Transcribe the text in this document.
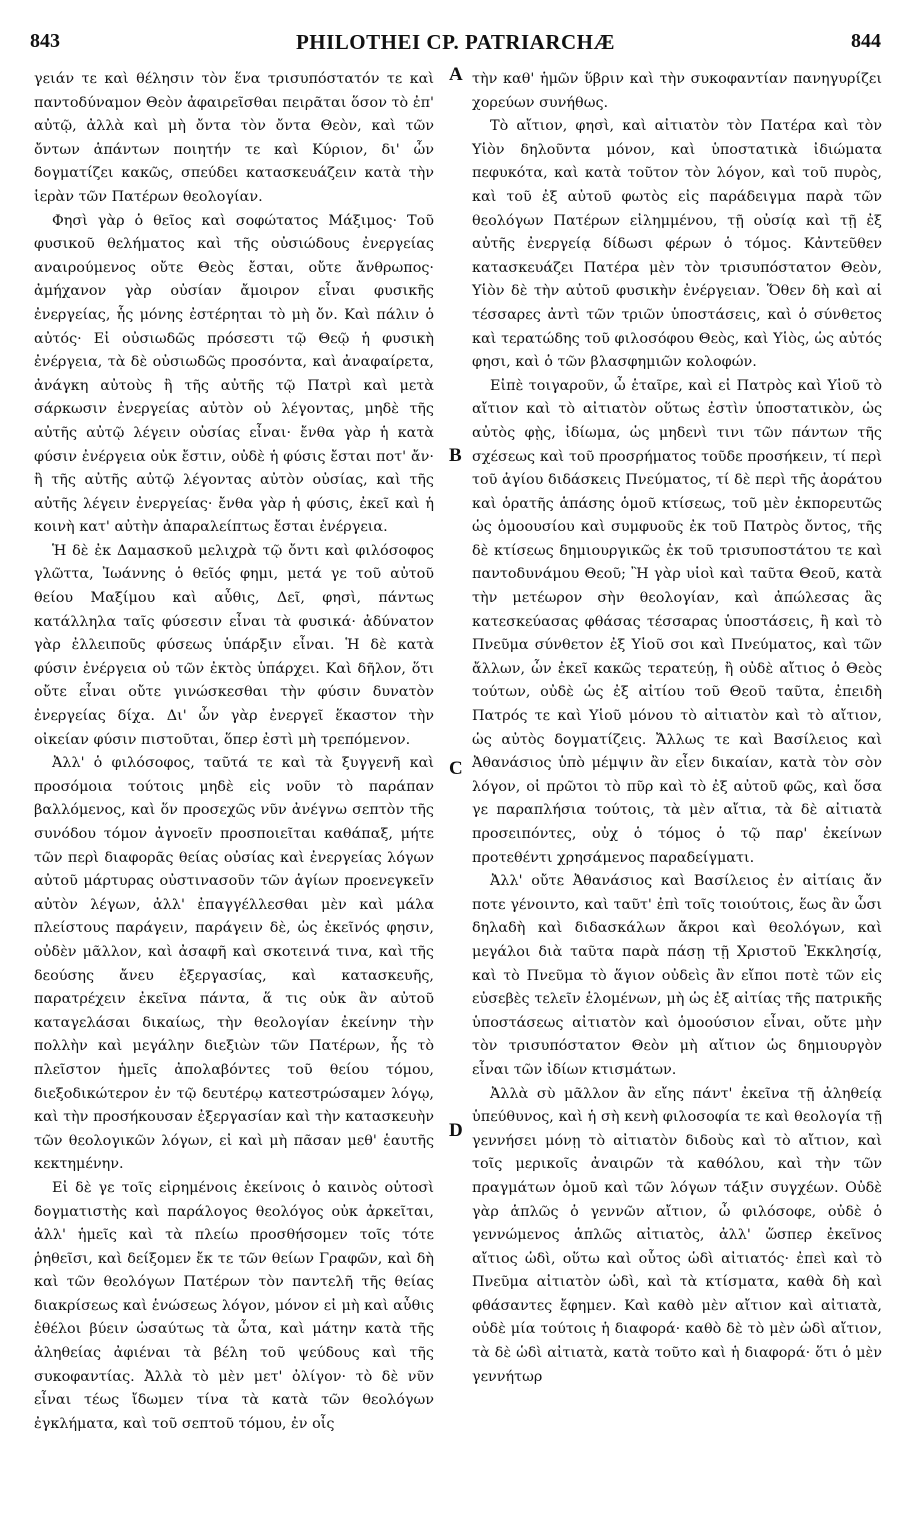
843	PHILOTHEI CP. PATRIARCHÆ	844
A
B
C
D

γειάν τε καὶ θέλησιν τὸν ἕνα τρισυπόστατόν τε καὶ παντοδύναμον Θεὸν ἀφαιρεῖσθαι πειρᾶται ὅσον τὸ ἐπ' αὐτῷ, ἀλλὰ καὶ μὴ ὄντα τὸν ὄντα Θεὸν, καὶ τῶν ὄντων ἁπάντων ποιητήν τε καὶ Κύριον, δι' ὧν δογματίζει κακῶς, σπεύδει κατασκευάζειν κατὰ τὴν ἱερὰν τῶν Πατέρων θεολογίαν.

Φησὶ γὰρ ὁ θεῖος καὶ σοφώτατος Μάξιμος· Τοῦ φυσικοῦ θελήματος καὶ τῆς οὐσιώδους ἐνεργείας αναιρούμενος οὔτε Θεὸς ἔσται, οὔτε ἄνθρωπος· ἀμήχανον γὰρ οὐσίαν ἄμοιρον εἶναι φυσικῆς ἐνεργείας, ἧς μόνης ἐστέρηται τὸ μὴ ὄν. Καὶ πάλιν ὁ αὐτός· Εἰ οὐσιωδῶς πρόσεστι τῷ Θεῷ ἡ φυσικὴ ἐνέργεια, τὰ δὲ οὐσιωδῶς προσόντα, καὶ ἀναφαίρετα, ἀνάγκη αὐτοὺς ἢ τῆς αὐτῆς τῷ Πατρὶ καὶ μετὰ σάρκωσιν ἐνεργείας αὐτὸν οὐ λέγοντας, μηδὲ τῆς αὐτῆς αὐτῷ λέγειν οὐσίας εἶναι· ἔνθα γὰρ ἡ κατὰ φύσιν ἐνέργεια οὐκ ἔστιν, οὐδὲ ἡ φύσις ἔσται ποτ' ἄν· ἢ τῆς αὐτῆς αὐτῷ λέγοντας αὐτὸν οὐσίας, καὶ τῆς αὐτῆς λέγειν ἐνεργείας· ἔνθα γὰρ ἡ φύσις, ἐκεῖ καὶ ἡ κοινὴ κατ' αὐτὴν ἀπαραλείπτως ἔσται ἐνέργεια.

Ἡ δὲ ἐκ Δαμασκοῦ μελιχρὰ τῷ ὄντι καὶ φιλόσοφος γλῶττα, Ἰωάννης ὁ θεῖός φημι, μετά γε τοῦ αὐτοῦ θείου Μαξίμου καὶ αὖθις, Δεῖ, φησὶ, πάντως κατάλληλα ταῖς φύσεσιν εἶναι τὰ φυσικά· ἀδύνατον γὰρ ἐλλειποῦς φύσεως ὑπάρξιν εἶναι. Ἡ δὲ κατὰ φύσιν ἐνέργεια οὐ τῶν ἐκτὸς ὑπάρχει. Καὶ δῆλον, ὅτι οὔτε εἶναι οὔτε γινώσκεσθαι τὴν φύσιν δυνατὸν ἐνεργείας δίχα. Δι' ὧν γὰρ ἐνεργεῖ ἕκαστον τὴν οἰκείαν φύσιν πιστοῦται, ὅπερ ἐστὶ μὴ τρεπόμενον.

Ἀλλ' ὁ φιλόσοφος, ταῦτά τε καὶ τὰ ξυγγενῆ καὶ προσόμοια τούτοις μηδὲ εἰς νοῦν τὸ παράπαν βαλλόμενος, καὶ ὅν προσεχῶς νῦν ἀνέγνω σεπτὸν τῆς συνόδου τόμον ἀγνοεῖν προσποιεῖται καθάπαξ, μήτε τῶν περὶ διαφορᾶς θείας οὐσίας καὶ ἐνεργείας λόγων αὐτοῦ μάρτυρας οὐστινασοῦν τῶν ἁγίων προενεγκεῖν αὐτὸν λέγων, ἀλλ' ἐπαγγέλλεσθαι μὲν καὶ μάλα πλείστους παράγειν, παράγειν δὲ, ὡς ἐκεῖνός φησιν, οὐδὲν μᾶλλον, καὶ ἀσαφῆ καὶ σκοτεινά τινα, καὶ τῆς δεούσης ἄνευ ἐξεργασίας, καὶ κατασκευῆς, παρατρέχειν ἐκεῖνα πάντα, ἅ τις οὐκ ἂν αὐτοῦ καταγελάσαι δικαίως, τὴν θεολογίαν ἐκείνην τὴν πολλὴν καὶ μεγάλην διεξιὼν τῶν Πατέρων, ἧς τὸ πλεῖστον ἡμεῖς ἀπολαβόντες τοῦ θείου τόμου, διεξοδικώτερον ἐν τῷ δευτέρῳ κατεστρώσαμεν λόγῳ, καὶ τὴν προσήκουσαν ἐξεργασίαν καὶ τὴν κατασκευὴν τῶν θεολογικῶν λόγων, εἰ καὶ μὴ πᾶσαν μεθ' ἑαυτῆς κεκτημένην.

Εἰ δὲ γε τοῖς εἰρημένοις ἐκείνοις ὁ καινὸς οὑτοσὶ δογματιστὴς καὶ παράλογος θεολόγος οὐκ ἀρκεῖται, ἀλλ' ἡμεῖς καὶ τὰ πλείω προσθήσομεν τοῖς τότε ῥηθεῖσι, καὶ δείξομεν ἔκ τε τῶν θείων Γραφῶν, καὶ δὴ καὶ τῶν θεολόγων Πατέρων τὸν παντελῆ τῆς θείας διακρίσεως καὶ ἑνώσεως λόγον, μόνον εἰ μὴ καὶ αὖθις ἐθέλοι βύειν ὡσαύτως τὰ ὦτα, καὶ μάτην κατὰ τῆς ἀληθείας ἀφιέναι τὰ βέλη τοῦ ψεύδους καὶ τῆς συκοφαντίας. Ἀλλὰ τὸ μὲν μετ' ὀλίγον· τὸ δὲ νῦν εἶναι τέως ἴδωμεν τίνα τὰ κατὰ τῶν θεολόγων ἐγκλήματα, καὶ τοῦ σεπτοῦ τόμου, ἐν οἷς

τὴν καθ' ἡμῶν ὕβριν καὶ τὴν συκοφαντίαν πανηγυρίζει χορεύων συνήθως.

Τὸ αἴτιον, φησὶ, καὶ αἰτιατὸν τὸν Πατέρα καὶ τὸν Υἱὸν δηλοῦντα μόνον, καὶ ὑποστατικὰ ἰδιώματα πεφυκότα, καὶ κατὰ τοῦτον τὸν λόγον, καὶ τοῦ πυρὸς, καὶ τοῦ ἐξ αὐτοῦ φωτὸς εἰς παράδειγμα παρὰ τῶν θεολόγων Πατέρων εἰλημμένου, τῇ οὐσίᾳ καὶ τῇ ἐξ αὐτῆς ἐνεργείᾳ δίδωσι φέρων ὁ τόμος. Κἀντεῦθεν κατασκευάζει Πατέρα μὲν τὸν τρισυπόστατον Θεὸν, Υἱὸν δὲ τὴν αὐτοῦ φυσικὴν ἐνέργειαν. Ὅθεν δὴ καὶ αἱ τέσσαρες ἀντὶ τῶν τριῶν ὑποστάσεις, καὶ ὁ σύνθετος καὶ τερατώδης τοῦ φιλοσόφου Θεὸς, καὶ Υἱὸς, ὡς αὐτός φησι, καὶ ὁ τῶν βλασφημιῶν κολοφών.

Εἰπὲ τοιγαροῦν, ὦ ἑταῖρε, καὶ εἰ Πατρὸς καὶ Υἱοῦ τὸ αἴτιον καὶ τὸ αἰτιατὸν οὕτως ἐστὶν ὑποστατικὸν, ὡς αὐτὸς φῂς, ἰδίωμα, ὡς μηδενὶ τινι τῶν πάντων τῆς σχέσεως καὶ τοῦ προσρήματος τοῦδε προσήκειν, τί περὶ τοῦ ἁγίου διδάσκεις Πνεύματος, τί δὲ περὶ τῆς ἀοράτου καὶ ὁρατῆς ἁπάσης ὁμοῦ κτίσεως, τοῦ μὲν ἐκπορευτῶς ὡς ὁμοουσίου καὶ συμφυοῦς ἐκ τοῦ Πατρὸς ὄντος, τῆς δὲ κτίσεως δημιουργικῶς ἐκ τοῦ τρισυποστάτου τε καὶ παντοδυνάμου Θεοῦ; Ἢ γὰρ υἱοὶ καὶ ταῦτα Θεοῦ, κατὰ τὴν μετέωρον σὴν θεολογίαν, καὶ ἀπώλεσας ἃς κατεσκεύασας φθάσας τέσσαρας ὑποστάσεις, ἢ καὶ τὸ Πνεῦμα σύνθετον ἐξ Υἱοῦ σοι καὶ Πνεύματος, καὶ τῶν ἄλλων, ὧν ἐκεῖ κακῶς τερατεύῃ, ἢ οὐδὲ αἴτιος ὁ Θεὸς τούτων, οὐδὲ ὡς ἐξ αἰτίου τοῦ Θεοῦ ταῦτα, ἐπειδὴ Πατρός τε καὶ Υἱοῦ μόνου τὸ αἰτιατὸν καὶ τὸ αἴτιον, ὡς αὐτὸς δογματίζεις. Ἄλλως τε καὶ Βασίλειος καὶ Ἀθανάσιος ὑπὸ μέμψιν ἂν εἶεν δικαίαν, κατὰ τὸν σὸν λόγον, οἱ πρῶτοι τὸ πῦρ καὶ τὸ ἐξ αὐτοῦ φῶς, καὶ ὅσα γε παραπλήσια τούτοις, τὰ μὲν αἴτια, τὰ δὲ αἰτιατὰ προσειπόντες, οὐχ ὁ τόμος ὁ τῷ παρ' ἐκείνων προτεθέντι χρησάμενος παραδείγματι.

Ἀλλ' οὔτε Ἀθανάσιος καὶ Βασίλειος ἐν αἰτίαις ἄν ποτε γένοιντο, καὶ ταῦτ' ἐπὶ τοῖς τοιούτοις, ἕως ἂν ὦσι δηλαδὴ καὶ διδασκάλων ἄκροι καὶ θεολόγων, καὶ μεγάλοι διὰ ταῦτα παρὰ πάσῃ τῇ Χριστοῦ Ἐκκλησίᾳ, καὶ τὸ Πνεῦμα τὸ ἅγιον οὐδεὶς ἂν εἴποι ποτὲ τῶν εἰς εὐσεβὲς τελεῖν ἑλομένων, μὴ ὡς ἐξ αἰτίας τῆς πατρικῆς ὑποστάσεως αἰτιατὸν καὶ ὁμοούσιον εἶναι, οὔτε μὴν τὸν τρισυπόστατον Θεὸν μὴ αἴτιον ὡς δημιουργὸν εἶναι τῶν ἰδίων κτισμάτων.

Ἀλλὰ σὺ μᾶλλον ἂν εἴης πάντ' ἐκεῖνα τῇ ἀληθείᾳ ὑπεύθυνος, καὶ ἡ σὴ κενὴ φιλοσοφία τε καὶ θεολογία τῇ γεννήσει μόνῃ τὸ αἰτιατὸν διδοὺς καὶ τὸ αἴτιον, καὶ τοῖς μερικοῖς ἀναιρῶν τὰ καθόλου, καὶ τὴν τῶν πραγμάτων ὁμοῦ καὶ τῶν λόγων τάξιν συγχέων. Οὐδὲ γὰρ ἁπλῶς ὁ γεννῶν αἴτιον, ὦ φιλόσοφε, οὐδὲ ὁ γεννώμενος ἁπλῶς αἰτιατὸς, ἀλλ' ὥσπερ ἐκεῖνος αἴτιος ὡδὶ, οὕτω καὶ οὗτος ὡδὶ αἰτιατός· ἐπεὶ καὶ τὸ Πνεῦμα αἰτιατὸν ὡδὶ, καὶ τὰ κτίσματα, καθὰ δὴ καὶ φθάσαντες ἔφημεν. Καὶ καθὸ μὲν αἴτιον καὶ αἰτιατὰ, οὐδὲ μία τούτοις ἡ διαφορά· καθὸ δὲ τὸ μὲν ὡδὶ αἴτιον, τὰ δὲ ὡδὶ αἰτιατὰ, κατὰ τοῦτο καὶ ἡ διαφορά· ὅτι ὁ μὲν γεννήτωρ
